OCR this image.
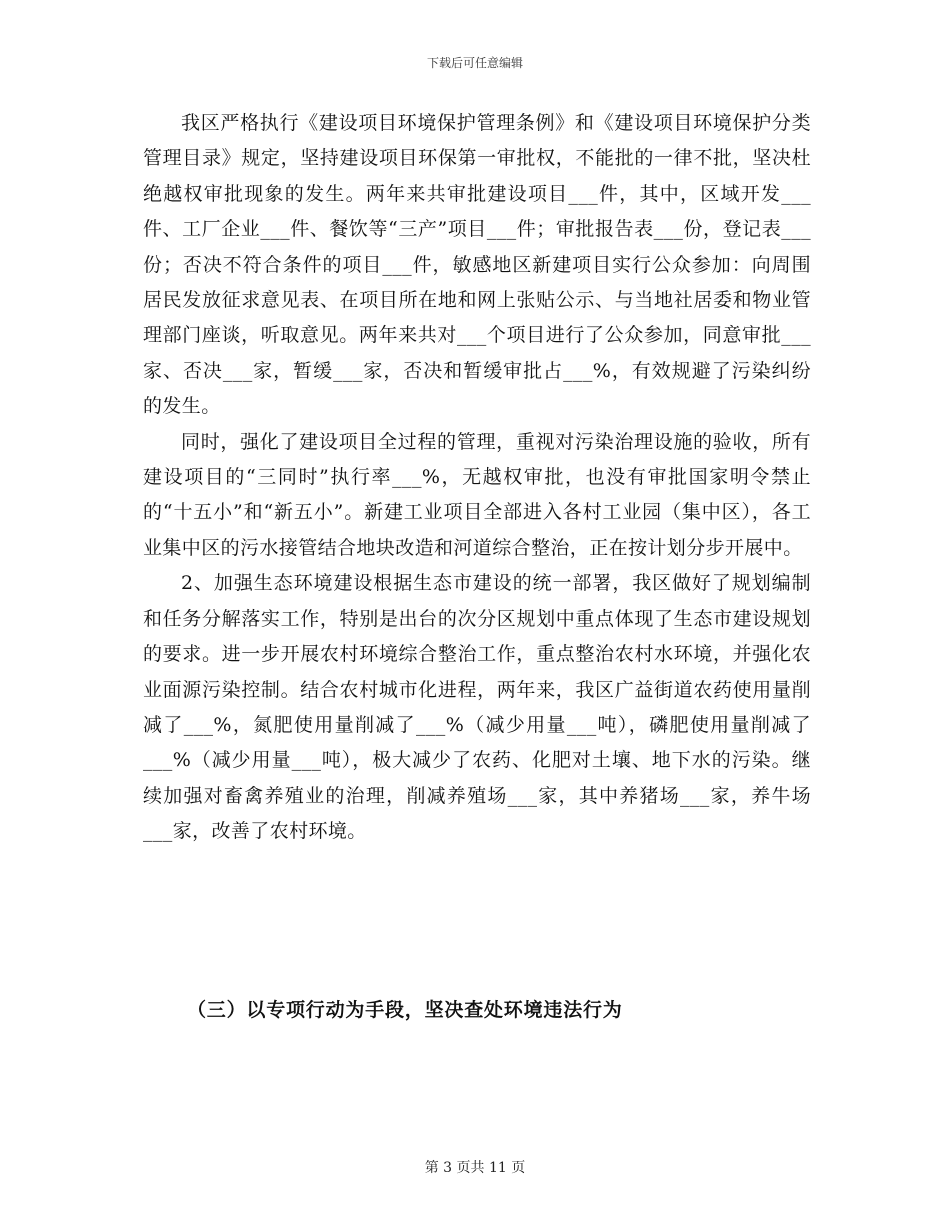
下载后可任意编辑

我区严格执行《建设项目环境保护管理条例》和《建设项目环境保护分类管理目录》规定，坚持建设项目环保第一审批权，不能批的一律不批，坚决杜绝越权审批现象的发生。两年来共审批建设项目___件，其中，区域开发___件、工厂企业___件、餐饮等“三产”项目___件；审批报告表___份，登记表___份；否决不符合条件的项目___件，敏感地区新建项目实行公众参加：向周围居民发放征求意见表、在项目所在地和网上张贴公示、与当地社居委和物业管理部门座谈，听取意见。两年来共对___个项目进行了公众参加，同意审批___家、否决___家，暂缓___家，否决和暂缓审批占___%，有效规避了污染纠纷的发生。

同时，强化了建设项目全过程的管理，重视对污染治理设施的验收，所有建设项目的“三同时”执行率___%，无越权审批，也没有审批国家明令禁止的“十五小”和“新五小”。新建工业项目全部进入各村工业园（集中区），各工业集中区的污水接管结合地块改造和河道综合整治，正在按计划分步开展中。

2、加强生态环境建设根据生态市建设的统一部署，我区做好了规划编制和任务分解落实工作，特别是出台的次分区规划中重点体现了生态市建设规划的要求。进一步开展农村环境综合整治工作，重点整治农村水环境，并强化农业面源污染控制。结合农村城市化进程，两年来，我区广益街道农药使用量削减了___%，氮肥使用量削减了___%（减少用量___吨），磷肥使用量削减了___%（减少用量___吨），极大减少了农药、化肥对土壤、地下水的污染。继续加强对畜禽养殖业的治理，削减养殖场___家，其中养猪场___家，养牛场___家，改善了农村环境。

（三）以专项行动为手段，坚决查处环境违法行为
第 3 页共 11 页
